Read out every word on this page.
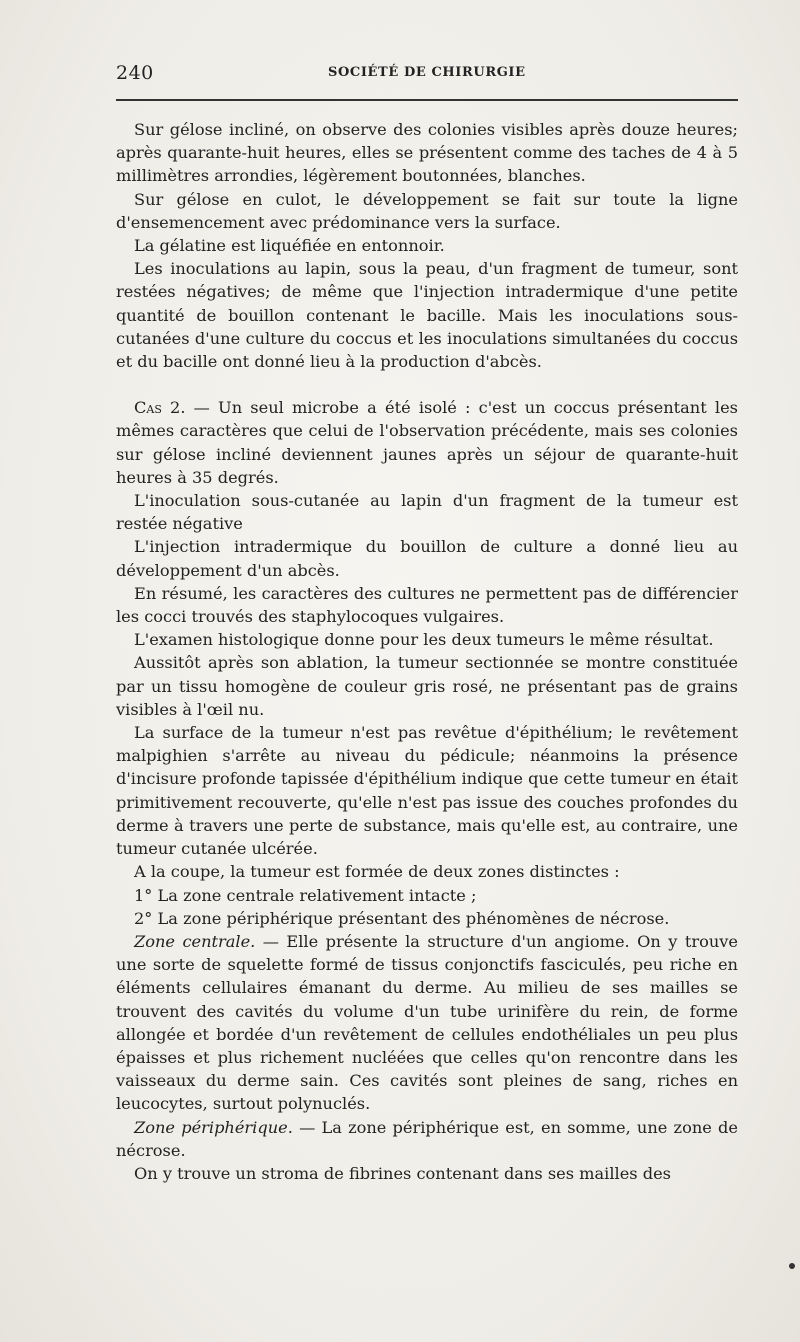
240	SOCIÉTÉ DE CHIRURGIE

Sur gélose incliné, on observe des colonies visibles après douze heures; après quarante-huit heures, elles se présentent comme des taches de 4 à 5 millimètres arrondies, légèrement boutonnées, blanches.

Sur gélose en culot, le développement se fait sur toute la ligne d'ensemencement avec prédominance vers la surface.

La gélatine est liquéfiée en entonnoir.

Les inoculations au lapin, sous la peau, d'un fragment de tumeur, sont restées négatives; de même que l'injection intradermique d'une petite quantité de bouillon contenant le bacille. Mais les inoculations sous-cutanées d'une culture du coccus et les inoculations simultanées du coccus et du bacille ont donné lieu à la production d'abcès.

Cas 2. — Un seul microbe a été isolé : c'est un coccus présentant les mêmes caractères que celui de l'observation précédente, mais ses colonies sur gélose incliné deviennent jaunes après un séjour de quarante-huit heures à 35 degrés.

L'inoculation sous-cutanée au lapin d'un fragment de la tumeur est restée négative

L'injection intradermique du bouillon de culture a donné lieu au développement d'un abcès.

En résumé, les caractères des cultures ne permettent pas de différencier les cocci trouvés des staphylocoques vulgaires.

L'examen histologique donne pour les deux tumeurs le même résultat.

Aussitôt après son ablation, la tumeur sectionnée se montre constituée par un tissu homogène de couleur gris rosé, ne présentant pas de grains visibles à l'œil nu.

La surface de la tumeur n'est pas revêtue d'épithélium; le revêtement malpighien s'arrête au niveau du pédicule; néanmoins la présence d'incisure profonde tapissée d'épithélium indique que cette tumeur en était primitivement recouverte, qu'elle n'est pas issue des couches profondes du derme à travers une perte de substance, mais qu'elle est, au contraire, une tumeur cutanée ulcérée.

A la coupe, la tumeur est formée de deux zones distinctes :

1° La zone centrale relativement intacte ;

2° La zone périphérique présentant des phénomènes de nécrose.

Zone centrale. — Elle présente la structure d'un angiome. On y trouve une sorte de squelette formé de tissus conjonctifs fasciculés, peu riche en éléments cellulaires émanant du derme. Au milieu de ses mailles se trouvent des cavités du volume d'un tube urinifère du rein, de forme allongée et bordée d'un revêtement de cellules endothéliales un peu plus épaisses et plus richement nucléées que celles qu'on rencontre dans les vaisseaux du derme sain. Ces cavités sont pleines de sang, riches en leucocytes, surtout polynuclés.

Zone périphérique. — La zone périphérique est, en somme, une zone de nécrose.

On y trouve un stroma de fibrines contenant dans ses mailles des
